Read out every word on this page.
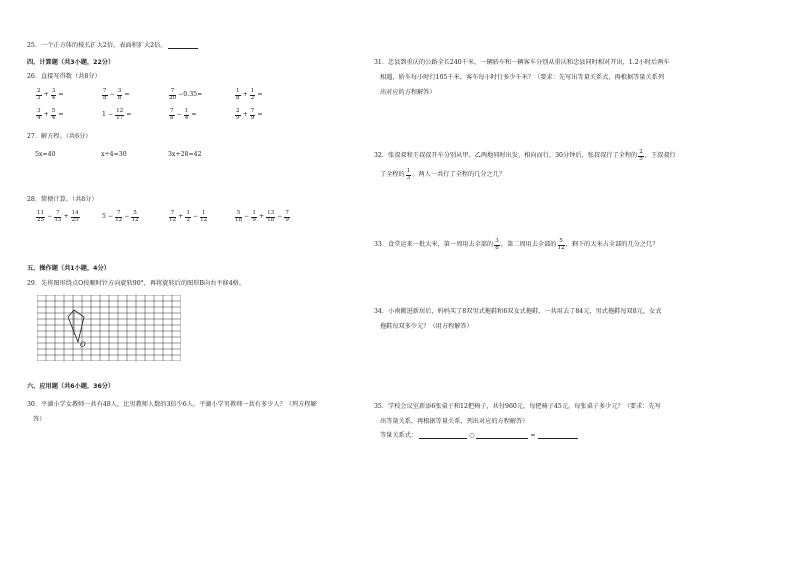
25．一个正方体的棱长扩大2倍，表面积扩大2倍。
四、计算题（共3小题，22分）
26．直接写得数（共8分）
$\frac{2}{3} + \frac{3}{4}$ =	$\frac{7}{8} - \frac{3}{8}$ =	$\frac{7}{20} -0.35=$	$\frac{1}{8} + \frac{1}{2}$ =
$\frac{3}{4} + \frac{5}{4}$ =	$1 - \frac{12}{17}$ =	$\frac{7}{8} - \frac{1}{4}$ =	$\frac{2}{9} + \frac{7}{9}$ =
27．解方程。（共6分）
5x=40	x÷4=30	3x+28=42
28．简便计算。（共8分）
$\frac{11}{25} - \frac{7}{13} + \frac{14}{25}$	$5 - \frac{7}{12} - \frac{5}{12}$	$\frac{7}{12} + \frac{1}{2} - \frac{1}{12}$	$\frac{5}{18} - \frac{1}{9} + \frac{13}{18} - \frac{7}{9}$
五、操作题（共1小题，4分）
29．先将图形绕点O按顺时针方向旋转90°，再将旋转后的图形B向右平移4格。
O
六、应用题（共6小题，36分）
30．平湖小学女教师一共有48人，比男教师人数的3倍少6人。平湖小学男教师一共有多少人？（列方程解
答）
31．忠县到重庆的公路全长240千米，一辆轿车和一辆客车分别从重庆和忠县同时相对开出，1.2小时后两车
相遇，轿车每小时行105千米，客车每小时行多少千米？（要求：先写出等量关系式，再根据等量关系列
出对应的方程解答）
32．张叔叔和王叔叔开车分别从甲、乙两地同时出发，相向而行，30分钟后，张叔叔行了全程的 $\frac{2}{5}$ ，王叔叔行
了全程的 $\frac{1}{3}$ 。两人一共行了全程的几分之几？
33．食堂运来一批大米，第一周用去全部的 $\frac{3}{8}$ ，第二周用去全部的 $\frac{5}{12}$ ，剩下的大米占全部的几分之几？
34．小南搬进新居后，妈妈买了8双男式拖鞋和6双女式拖鞋，一共用去了84元，男式拖鞋每双8元，女式
拖鞋每双多少元？（用方程解答）
35．学校会议室新添6张桌子和12把椅子，共付960元，每把椅子45元，每张桌子多少元？（要求：先写
出等量关系，再根据等量关系，列出对应的方程解答）
等量关系式：	○	=
